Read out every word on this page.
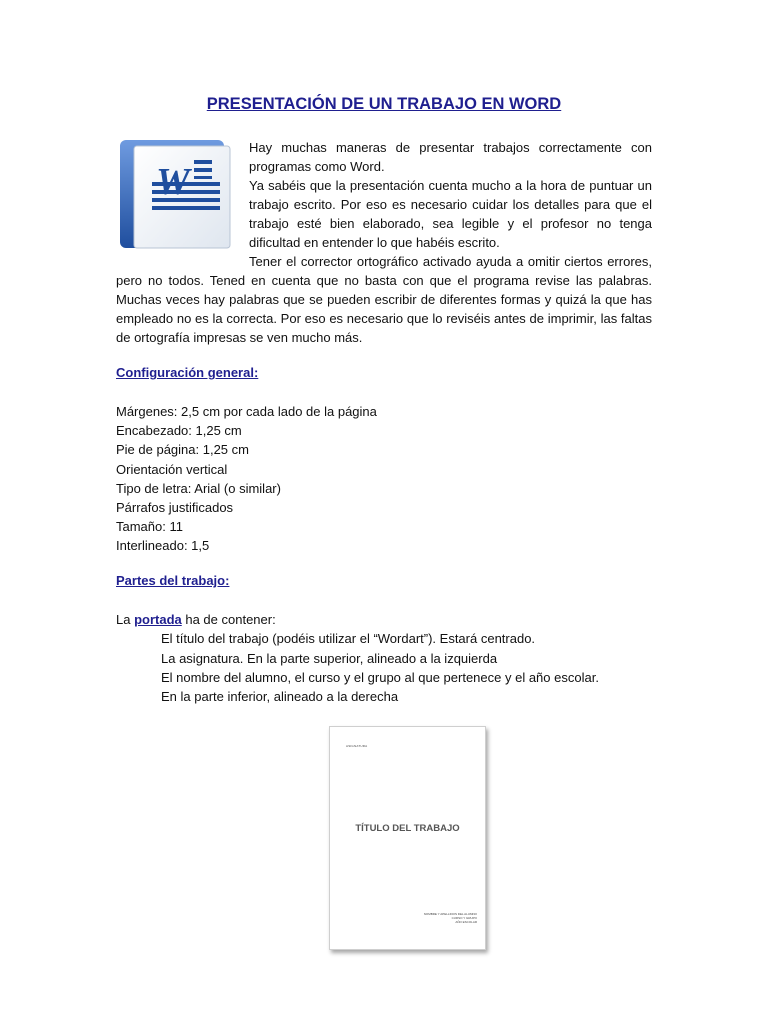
PRESENTACIÓN DE UN TRABAJO EN WORD
W

Hay muchas maneras de presentar trabajos correctamente con programas como Word.

Ya sabéis que la presentación cuenta mucho a la hora de puntuar un trabajo escrito. Por eso es necesario cuidar los detalles para que el trabajo esté bien elaborado, sea legible y el profesor no tenga dificultad en entender lo que habéis escrito.

Tener el corrector ortográfico activado ayuda a omitir ciertos errores, pero no todos. Tened en cuenta que no basta con que el programa revise las palabras. Muchas veces hay palabras que se pueden escribir de diferentes formas y quizá la que has empleado no es la correcta. Por eso es necesario que lo reviséis antes de imprimir, las faltas de ortografía impresas se ven mucho más.

Configuración general:
Márgenes: 2,5 cm por cada lado de la página
Encabezado: 1,25 cm
Pie de página: 1,25 cm
Orientación vertical
Tipo de letra: Arial (o similar)
Párrafos justificados
Tamaño: 11
Interlineado: 1,5
Partes del trabajo:
La portada ha de contener:
El título del trabajo (podéis utilizar el “Wordart”). Estará centrado.
La asignatura. En la parte superior, alineado a la izquierda
El nombre del alumno, el curso y el grupo al que pertenece y el año escolar.
En la parte inferior, alineado a la derecha
ASIGNATURA
TÍTULO DEL TRABAJO
NOMBRE Y APELLIDOS DEL ALUMNO
CURSO Y GRUPO
AÑO ESCOLAR
